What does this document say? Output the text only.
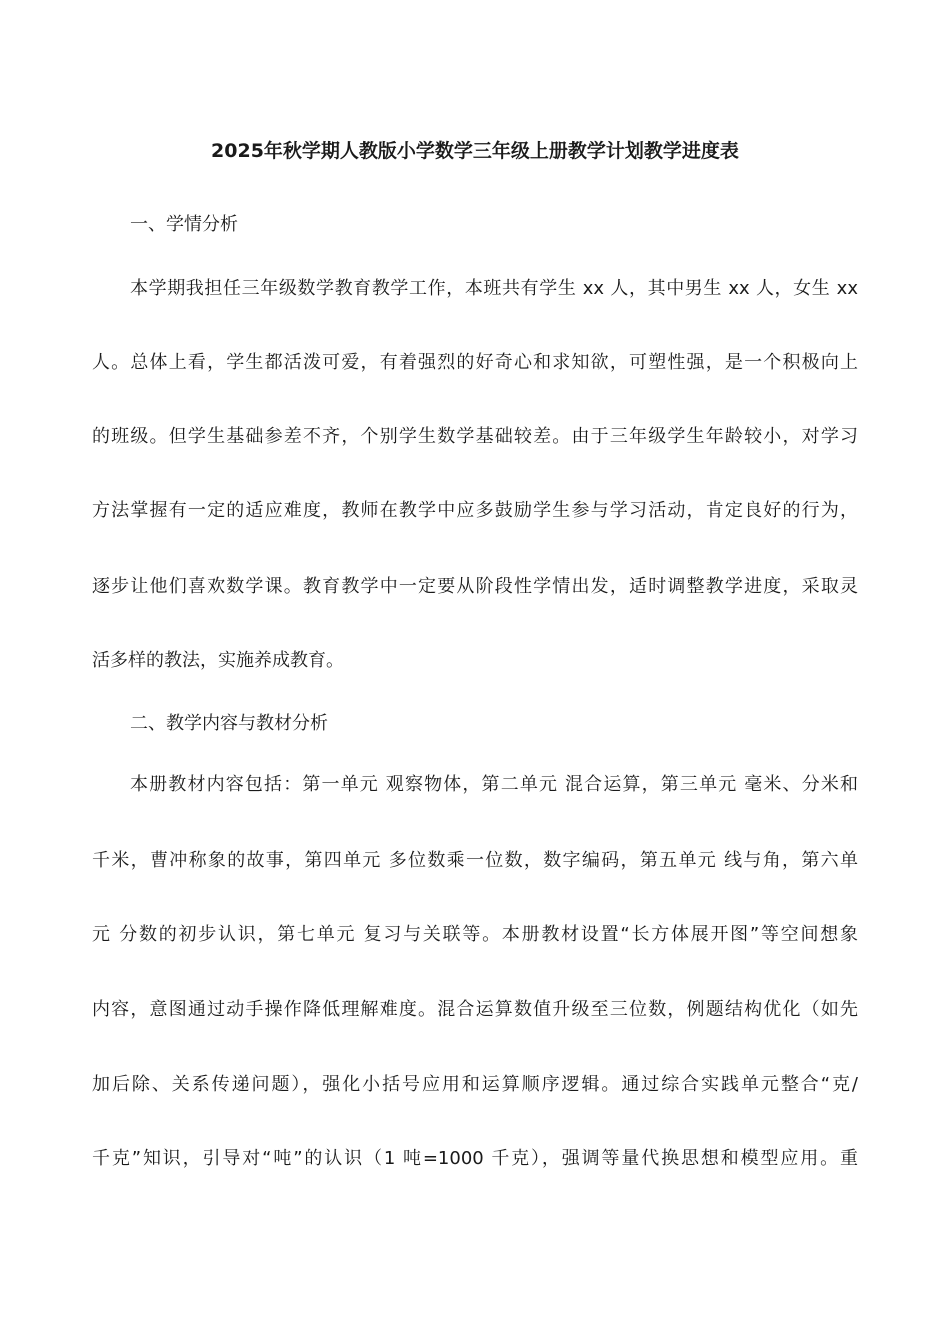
2025年秋学期人教版小学数学三年级上册教学计划教学进度表
一、学情分析
本学期我担任三年级数学教育教学工作，本班共有学生 xx 人，其中男生 xx 人，女生 xx
人。总体上看，学生都活泼可爱，有着强烈的好奇心和求知欲，可塑性强，是一个积极向上
的班级。但学生基础参差不齐，个别学生数学基础较差。由于三年级学生年龄较小，对学习
方法掌握有一定的适应难度，教师在教学中应多鼓励学生参与学习活动，肯定良好的行为，
逐步让他们喜欢数学课。教育教学中一定要从阶段性学情出发，适时调整教学进度，采取灵
活多样的教法，实施养成教育。
二、教学内容与教材分析
本册教材内容包括：第一单元 观察物体，第二单元 混合运算，第三单元 毫米、分米和
千米，曹冲称象的故事，第四单元 多位数乘一位数，数字编码，第五单元 线与角，第六单
元 分数的初步认识，第七单元 复习与关联等。本册教材设置“长方体展开图”等空间想象
内容，意图通过动手操作降低理解难度。混合运算数值升级至三位数，例题结构优化（如先
加后除、关系传递问题），强化小括号应用和运算顺序逻辑。通过综合实践单元整合“克/
千克”知识，引导对“吨”的认识（1 吨=1000 千克），强调等量代换思想和模型应用。重
